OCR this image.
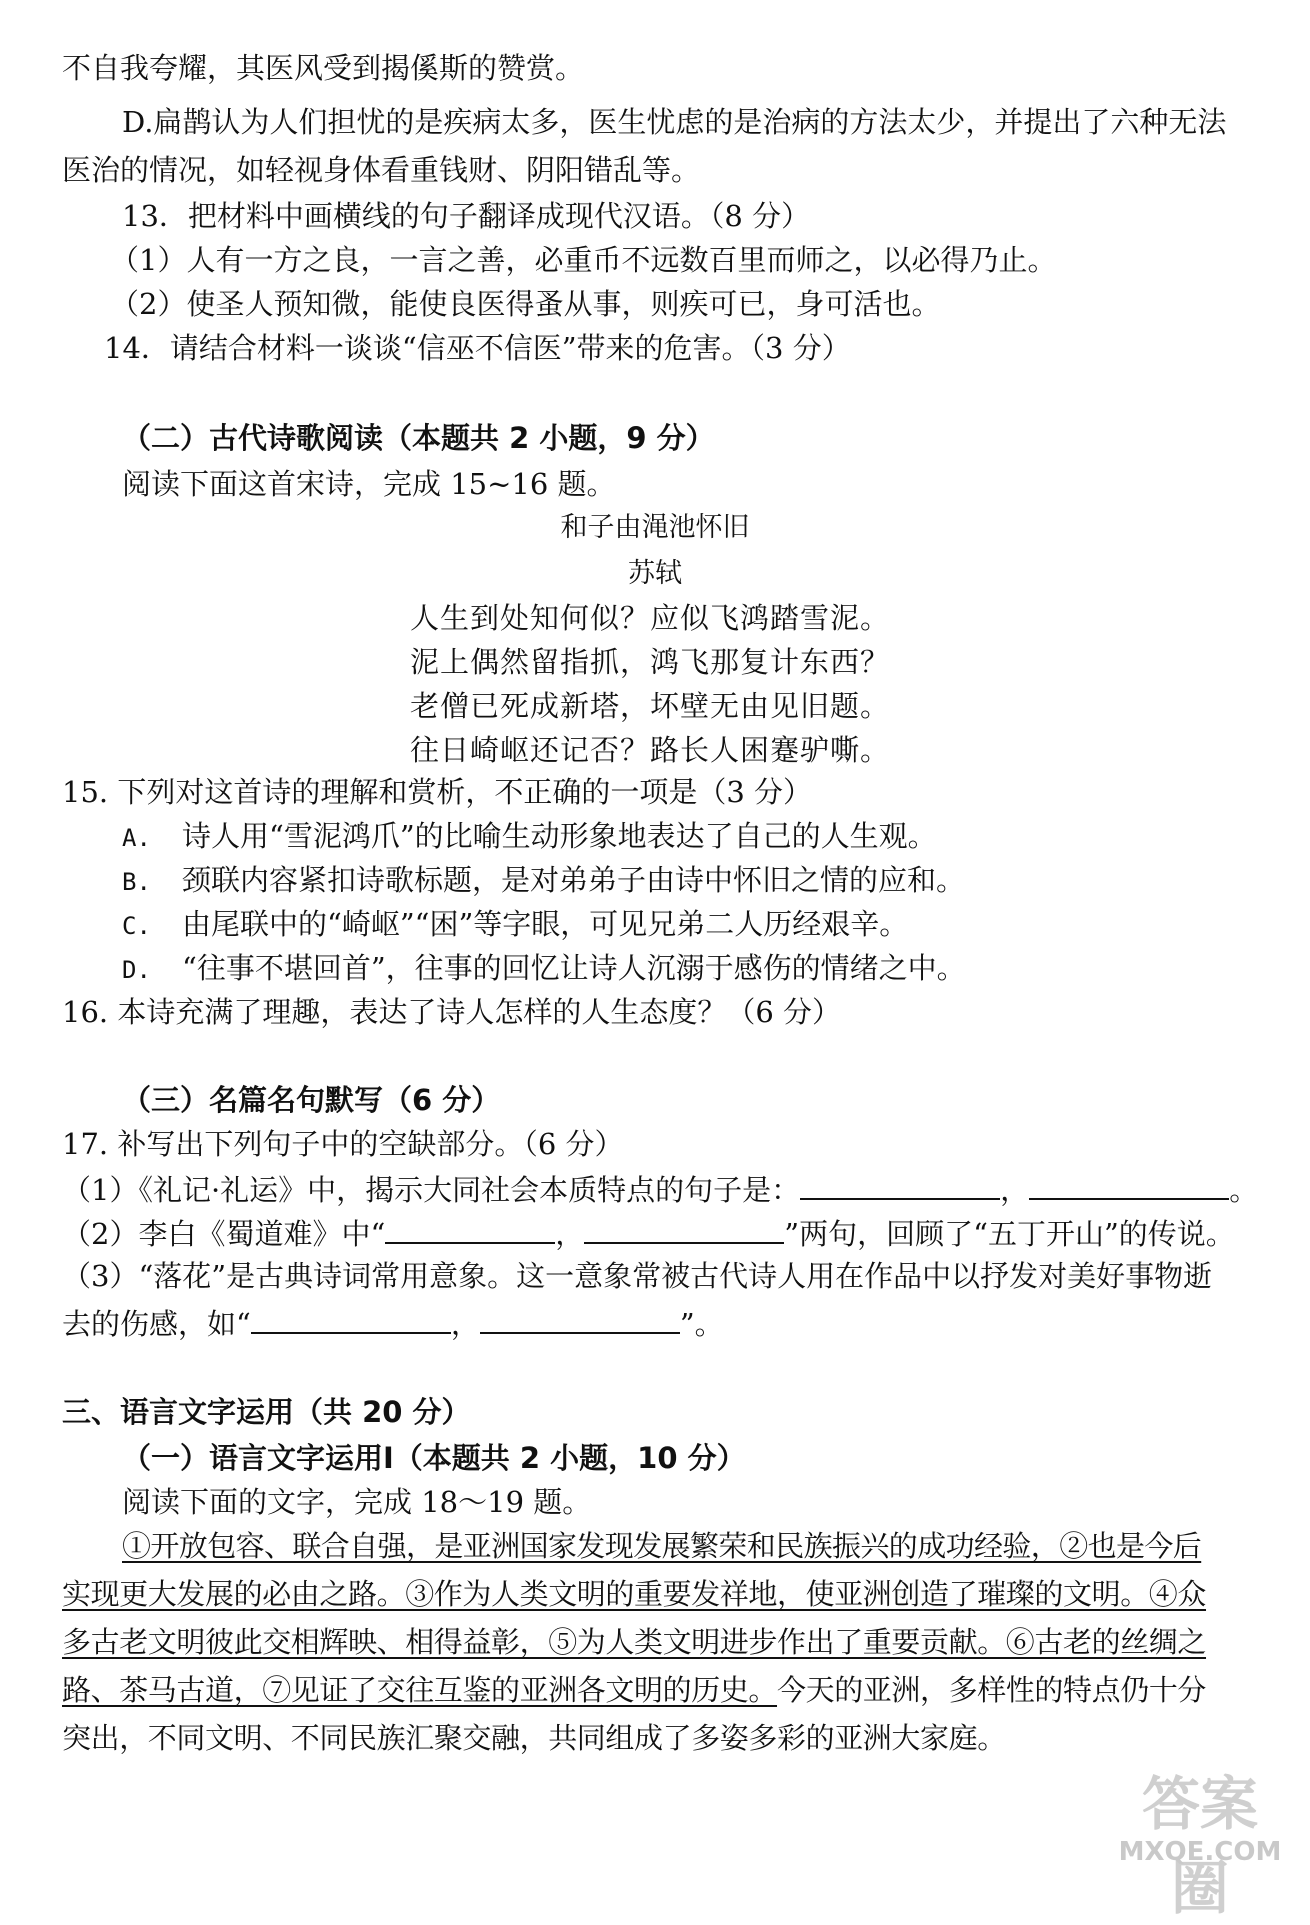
不自我夸耀，其医风受到揭傒斯的赞赏。
D.扁鹊认为人们担忧的是疾病太多，医生忧虑的是治病的方法太少，并提出了六种无法
医治的情况，如轻视身体看重钱财、阴阳错乱等。
13．把材料中画横线的句子翻译成现代汉语。（8 分）
（1）人有一方之良，一言之善，必重币不远数百里而师之，以必得乃止。
（2）使圣人预知微，能使良医得蚤从事，则疾可已，身可活也。
14．请结合材料一谈谈“信巫不信医”带来的危害。（3 分）
（二）古代诗歌阅读（本题共 2 小题，9 分）
阅读下面这首宋诗，完成 15~16 题。
和子由渑池怀旧
苏轼
人生到处知何似？应似飞鸿踏雪泥。
泥上偶然留指抓，鸿飞那复计东西？
老僧已死成新塔，坏壁无由见旧题。
往日崎岖还记否？路长人困蹇驴嘶。
15. 下列对这首诗的理解和赏析，不正确的一项是（3 分）
A. 诗人用“雪泥鸿爪”的比喻生动形象地表达了自己的人生观。
B. 颈联内容紧扣诗歌标题，是对弟弟子由诗中怀旧之情的应和。
C. 由尾联中的“崎岖”“困”等字眼，可见兄弟二人历经艰辛。
D. “往事不堪回首”，往事的回忆让诗人沉溺于感伤的情绪之中。
16. 本诗充满了理趣，表达了诗人怎样的人生态度？（6 分）
（三）名篇名句默写（6 分）
17. 补写出下列句子中的空缺部分。（6 分）
（1）《礼记·礼运》中，揭示大同社会本质特点的句子是：	，	。
（2）李白《蜀道难》中“	，	”两句，回顾了“五丁开山”的传说。
（3）“落花”是古典诗词常用意象。这一意象常被古代诗人用在作品中以抒发对美好事物逝
去的伤感，如“	，	”。
三、语言文字运用（共 20 分）
（一）语言文字运用Ⅰ（本题共 2 小题，10 分）
阅读下面的文字，完成 18～19 题。
①开放包容、联合自强，是亚洲国家发现发展繁荣和民族振兴的成功经验，②也是今后
实现更大发展的必由之路。③作为人类文明的重要发祥地，使亚洲创造了璀璨的文明。④众
多古老文明彼此交相辉映、相得益彰，⑤为人类文明进步作出了重要贡献。⑥古老的丝绸之
路、茶马古道，⑦见证了交往互鉴的亚洲各文明的历史。今天的亚洲，多样性的特点仍十分
突出，不同文明、不同民族汇聚交融，共同组成了多姿多彩的亚洲大家庭。
答案圈
MXQE.COM
